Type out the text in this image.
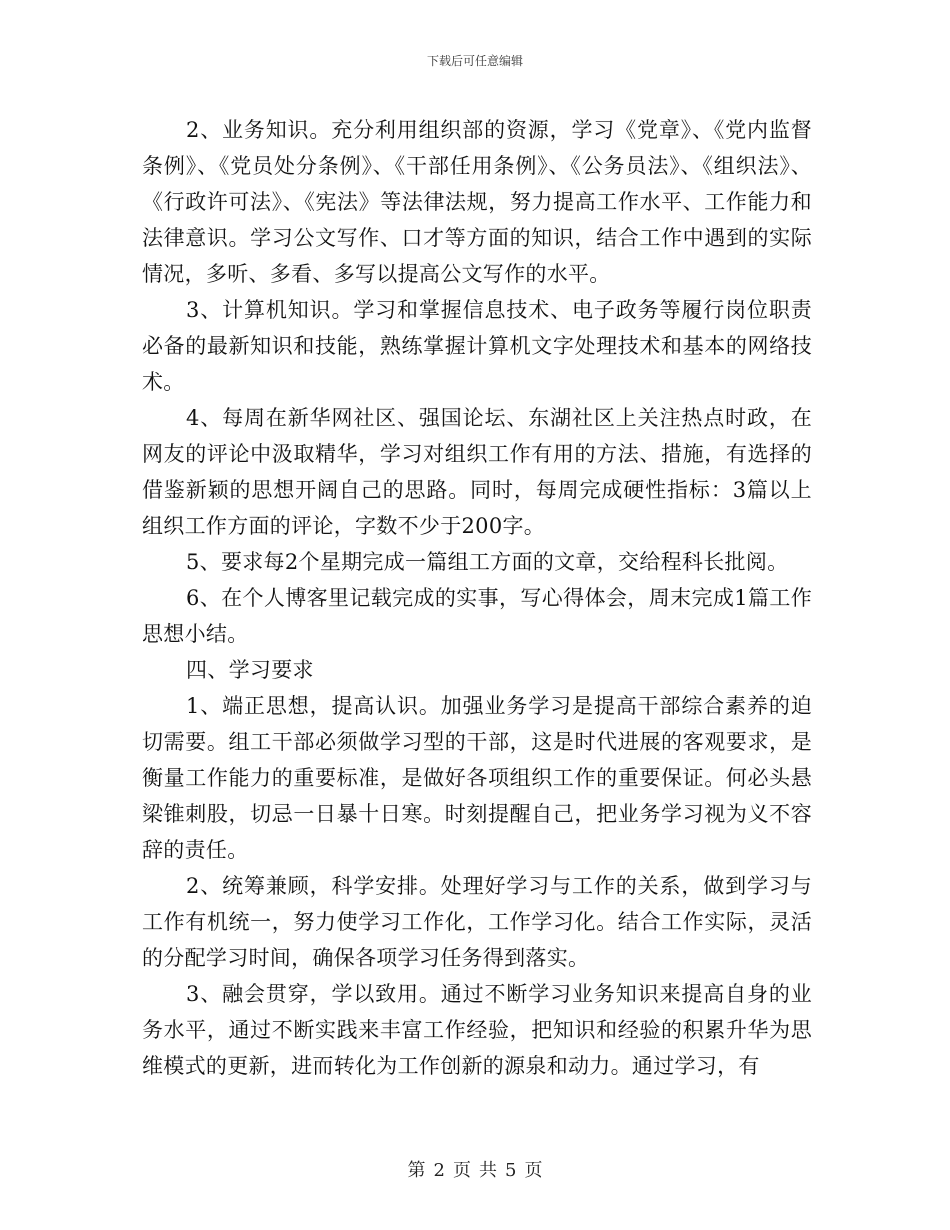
下载后可任意编辑

2、业务知识。充分利用组织部的资源，学习《党章》、《党内监督条例》、《党员处分条例》、《干部任用条例》、《公务员法》、《组织法》、《行政许可法》、《宪法》等法律法规，努力提高工作水平、工作能力和法律意识。学习公文写作、口才等方面的知识，结合工作中遇到的实际情况，多听、多看、多写以提高公文写作的水平。

3、计算机知识。学习和掌握信息技术、电子政务等履行岗位职责必备的最新知识和技能，熟练掌握计算机文字处理技术和基本的网络技术。

4、每周在新华网社区、强国论坛、东湖社区上关注热点时政，在网友的评论中汲取精华，学习对组织工作有用的方法、措施，有选择的借鉴新颖的思想开阔自己的思路。同时，每周完成硬性指标：3篇以上组织工作方面的评论，字数不少于200字。

5、要求每2个星期完成一篇组工方面的文章，交给程科长批阅。

6、在个人博客里记载完成的实事，写心得体会，周末完成1篇工作思想小结。

四、学习要求

1、端正思想，提高认识。加强业务学习是提高干部综合素养的迫切需要。组工干部必须做学习型的干部，这是时代进展的客观要求，是衡量工作能力的重要标准，是做好各项组织工作的重要保证。何必头悬梁锥刺股，切忌一日暴十日寒。时刻提醒自己，把业务学习视为义不容辞的责任。

2、统筹兼顾，科学安排。处理好学习与工作的关系，做到学习与工作有机统一，努力使学习工作化，工作学习化。结合工作实际，灵活的分配学习时间，确保各项学习任务得到落实。

3、融会贯穿，学以致用。通过不断学习业务知识来提高自身的业务水平，通过不断实践来丰富工作经验，把知识和经验的积累升华为思维模式的更新，进而转化为工作创新的源泉和动力。通过学习，有

第 2 页 共 5 页
